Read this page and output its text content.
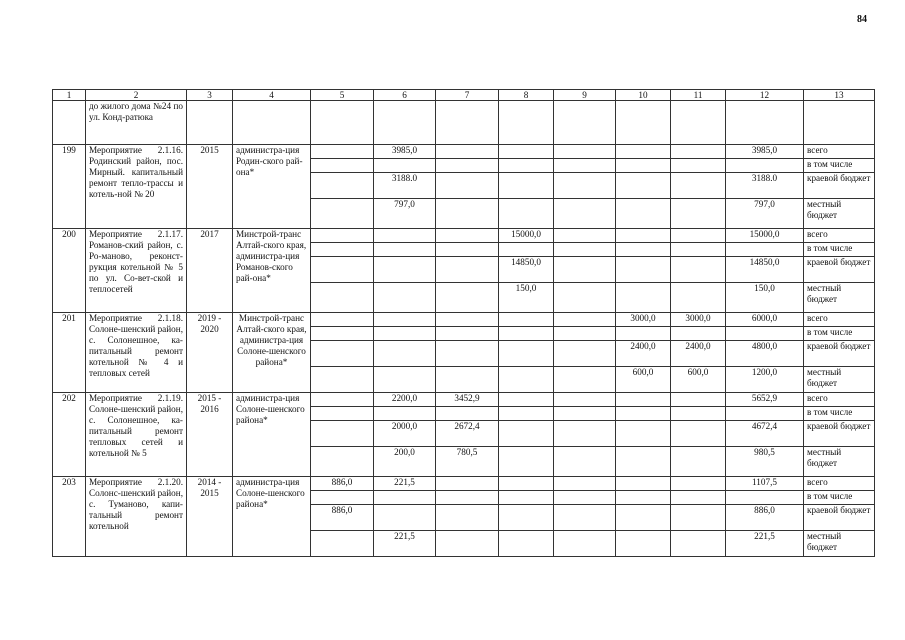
84
1	2	3	4	5	6	7	8	9	10	11	12	13
	до жилого дома №24 по ул. Конд-ратюка											
199	Мероприятие 2.1.16. Родинский район, пос. Мирный. капитальный ремонт тепло-трассы и котель-ной № 20	2015	администра-ция Родин-ского рай-она*		3985,0						3985,0	всего
												в том числе
					3188.0						3188.0	краевой бюджет
					797,0						797,0	местный бюджет
200	Мероприятие 2.1.17. Романов-ский район, с. Ро-маново, реконст-рукция котельной № 5 по ул. Со-вет-ской и теплосетей	2017	Минстрой-транс Алтай-ского края, администра-ция Романов-ского рай-она*				15000,0				15000,0	всего
												в том числе
							14850,0				14850,0	краевой бюджет
							150,0				150,0	местный бюджет
201	Мероприятие 2.1.18. Солоне-шенский район, с. Солонешное, ка-питальный ремонт котельной № 4 и тепловых сетей	2019 - 2020	Минстрой-транс Алтай-ского края, администра-ция Солоне-шенского района*						3000,0	3000,0	6000,0	всего
												в том числе
									2400,0	2400,0	4800,0	краевой бюджет
									600,0	600,0	1200,0	местный бюджет
202	Мероприятие 2.1.19. Солоне-шенский район, с. Солонешное, ка-питальный ремонт тепловых сетей и котельной № 5	2015 - 2016	администра-ция Солоне-шенского района*		2200,0	3452,9					5652,9	всего
												в том числе
					2000,0	2672,4					4672,4	краевой бюджет
					200,0	780,5					980,5	местный бюджет
203	Мероприятие 2.1.20. Солонс-шенский район, с. Туманово, капи-тальный ремонт котельной	2014 - 2015	администра-ция Солоне-шенского района*	886,0	221,5						1107,5	всего
												в том числе
				886,0							886,0	краевой бюджет
					221,5						221,5	местный бюджет
